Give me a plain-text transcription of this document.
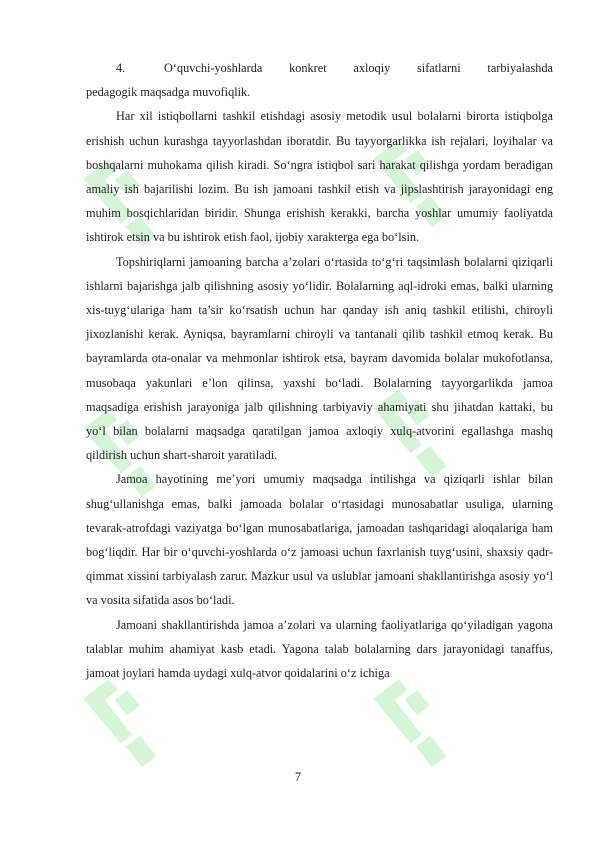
4.	O‘quvchi-yoshlarda konkret axloqiy sifatlarni tarbiyalashda

pedagogik maqsadga muvofiqlik.

Har xil istiqbollarni tashkil etishdagi asosiy metodik usul bolalarni birorta istiqbolga erishish uchun kurashga tayyorlashdan iboratdir. Bu tayyorgarlikka ish rejalari, loyihalar va boshqalarni muhokama qilish kiradi. So‘ngra istiqbol sari harakat qilishga yordam beradigan amaliy ish bajarilishi lozim. Bu ish jamoani tashkil etish va jipslashtirish jarayonidagi eng muhim bosqichlaridan biridir. Shunga erishish kerakki, barcha yoshlar umumiy faoliyatda ishtirok etsin va bu ishtirok etish faol, ijobiy xarakterga ega bo‘lsin.

Topshiriqlarni jamoaning barcha a’zolari o‘rtasida to‘g‘ri taqsimlash bolalarni qiziqarli ishlarni bajarishga jalb qilishning asosiy yo‘lidir. Bolalarning aql-idroki emas, balki ularning xis-tuyg‘ulariga ham ta’sir ko‘rsatish uchun har qanday ish aniq tashkil etilishi, chiroyli jixozlanishi kerak. Ayniqsa, bayramlarni chiroyli va tantanali qilib tashkil etmoq kerak. Bu bayramlarda ota-onalar va mehmonlar ishtirok etsa, bayram davomida bolalar mukofotlansa, musobaqa yakunlari e’lon qilinsa, yaxshi bo‘ladi. Bolalarning tayyorgarlikda jamoa maqsadiga erishish jarayoniga jalb qilishning tarbiyaviy ahamiyati shu jihatdan kattaki, bu yo‘l bilan bolalarni maqsadga qaratilgan jamoa axloqiy xulq-atvorini egallashga mashq qildirish uchun shart-sharoit yaratiladi.

Jamoa hayotining me’yori umumiy maqsadga intilishga va qiziqarli ishlar bilan shug‘ullanishga emas, balki jamoada bolalar o‘rtasidagi munosabatlar usuliga, ularning tevarak-atrofdagi vaziyatga bo‘lgan munosabatlariga, jamoadan tashqaridagi aloqalariga ham bog‘liqdir. Har bir o‘quvchi-yoshlarda o‘z jamoasi uchun faxrlanish tuyg‘usini, shaxsiy qadr-qimmat xissini tarbiyalash zarur. Mazkur usul va uslublar jamoani shakllantirishga asosiy yo‘l va vosita sifatida asos bo‘ladi.

Jamoani shakllantirishda jamoa a’zolari va ularning faoliyatlariga qo‘yiladigan yagona talablar muhim ahamiyat kasb etadi. Yagona talab bolalarning dars jarayonidagi tanaffus, jamoat joylari hamda uydagi xulq-atvor qoidalarini o‘z ichiga

7
